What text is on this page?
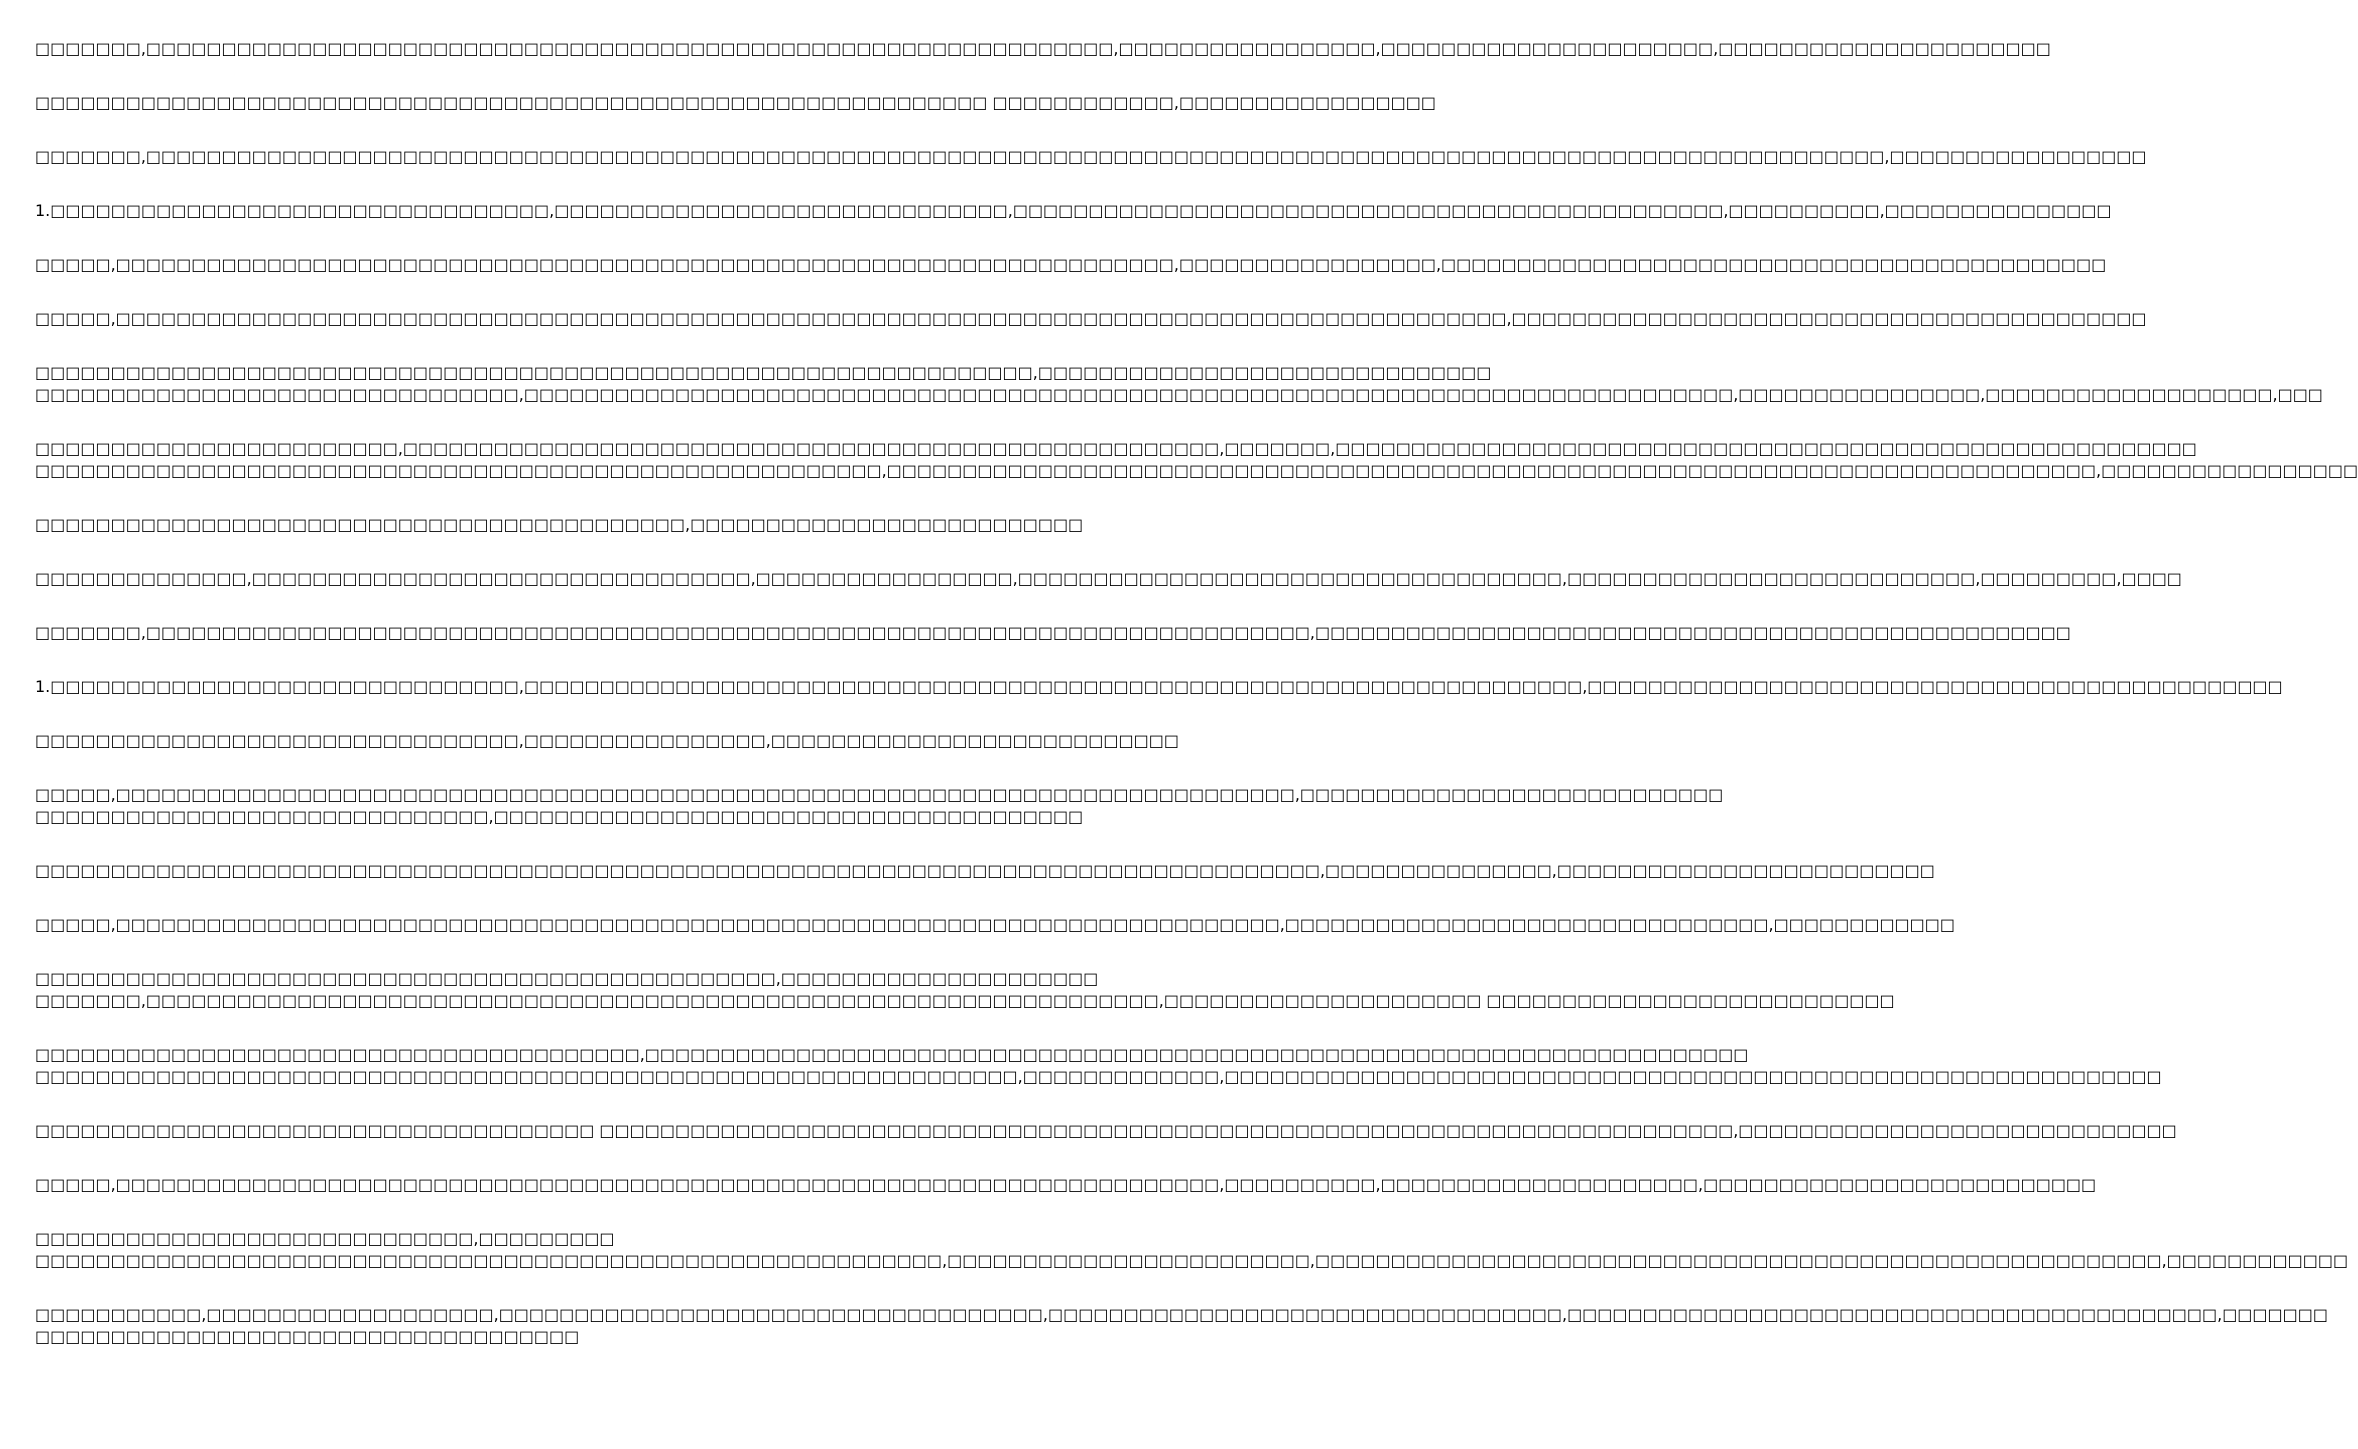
□□□□□□□,□□□□□□□□□□□□□□□□□□□□□□□□□□□□□□□□□□□□□□□□□□□□□□□□□□□□□□□□□□□□□□□□,□□□□□□□□□□□□□□□□□,□□□□□□□□□□□□□□□□□□□□□□,□□□□□□□□□□□□□□□□□□□□□□
□□□□□□□□□□□□□□□□□□□□□□□□□□□□□□□□□□□□□□□□□□□□□□□□□□□□□□□□□□□□□□□ □□□□□□□□□□□□,□□□□□□□□□□□□□□□□□
□□□□□□□,□□□□□□□□□□□□□□□□□□□□□□□□□□□□□□□□□□□□□□□□□□□□□□□□□□□□□□□□□□□□□□□□□□□□□□□□□□□□□□□□□□□□□□□□□□□□□□□□□□□□□□□□□□□□□□□□□□□,□□□□□□□□□□□□□□□□□
1.□□□□□□□□□□□□□□□□□□□□□□□□□□□□□□□□□,□□□□□□□□□□□□□□□□□□□□□□□□□□□□□□,□□□□□□□□□□□□□□□□□□□□□□□□□□□□□□□□□□□□□□□□□□□□□□□,□□□□□□□□□□,□□□□□□□□□□□□□□□
□□□□□,□□□□□□□□□□□□□□□□□□□□□□□□□□□□□□□□□□□□□□□□□□□□□□□□□□□□□□□□□□□□□□□□□□□□□□,□□□□□□□□□□□□□□□□□,□□□□□□□□□□□□□□□□□□□□□□□□□□□□□□□□□□□□□□□□□□□□
□□□□□,□□□□□□□□□□□□□□□□□□□□□□□□□□□□□□□□□□□□□□□□□□□□□□□□□□□□□□□□□□□□□□□□□□□□□□□□□□□□□□□□□□□□□□□□□□□□,□□□□□□□□□□□□□□□□□□□□□□□□□□□□□□□□□□□□□□□□□□
□□□□□□□□□□□□□□□□□□□□□□□□□□□□□□□□□□□□□□□□□□□□□□□□□□□□□□□□□□□□□□□□□□,□□□□□□□□□□□□□□□□□□□□□□□□□□□□□□
□□□□□□□□□□□□□□□□□□□□□□□□□□□□□□□□,□□□□□□□□□□□□□□□□□□□□□□□□□□□□□□□□□□□□□□□□□□□□□□□□□□□□□□□□□□□□□□□□□□□□□□□□□□□□□□□□,□□□□□□□□□□□□□□□□,□□□□□□□□□□□□□□□□□□□,□□□
□□□□□□□□□□□□□□□□□□□□□□□□,□□□□□□□□□□□□□□□□□□□□□□□□□□□□□□□□□□□□□□□□□□□□□□□□□□□□□□,□□□□□□□,□□□□□□□□□□□□□□□□□□□□□□□□□□□□□□□□□□□□□□□□□□□□□□□□□□□□□□□□□
□□□□□□□□□□□□□□□□□□□□□□□□□□□□□□□□□□□□□□□□□□□□□□□□□□□□□□□□,□□□□□□□□□□□□□□□□□□□□□□□□□□□□□□□□□□□□□□□□□□□□□□□□□□□□□□□□□□□□□□□□□□□□□□□□□□□□□□□□,□□□□□□□□□□□□□□□□□
□□□□□□□□□□□□□□□□□□□□□□□□□□□□□□□□□□□□□□□□□□□,□□□□□□□□□□□□□□□□□□□□□□□□□□
□□□□□□□□□□□□□□,□□□□□□□□□□□□□□□□□□□□□□□□□□□□□□□□□,□□□□□□□□□□□□□□□□□,□□□□□□□□□□□□□□□□□□□□□□□□□□□□□□□□□□□□,□□□□□□□□□□□□□□□□□□□□□□□□□□□,□□□□□□□□□,□□□□
□□□□□□□,□□□□□□□□□□□□□□□□□□□□□□□□□□□□□□□□□□□□□□□□□□□□□□□□□□□□□□□□□□□□□□□□□□□□□□□□□□□□□,□□□□□□□□□□□□□□□□□□□□□□□□□□□□□□□□□□□□□□□□□□□□□□□□□□
1.□□□□□□□□□□□□□□□□□□□□□□□□□□□□□□□,□□□□□□□□□□□□□□□□□□□□□□□□□□□□□□□□□□□□□□□□□□□□□□□□□□□□□□□□□□□□□□□□□□□□□□,□□□□□□□□□□□□□□□□□□□□□□□□□□□□□□□□□□□□□□□□□□□□□□
□□□□□□□□□□□□□□□□□□□□□□□□□□□□□□□□,□□□□□□□□□□□□□□□□,□□□□□□□□□□□□□□□□□□□□□□□□□□□
□□□□□,□□□□□□□□□□□□□□□□□□□□□□□□□□□□□□□□□□□□□□□□□□□□□□□□□□□□□□□□□□□□□□□□□□□□□□□□□□□□□□,□□□□□□□□□□□□□□□□□□□□□□□□□□□□
□□□□□□□□□□□□□□□□□□□□□□□□□□□□□□,□□□□□□□□□□□□□□□□□□□□□□□□□□□□□□□□□□□□□□□
□□□□□□□□□□□□□□□□□□□□□□□□□□□□□□□□□□□□□□□□□□□□□□□□□□□□□□□□□□□□□□□□□□□□□□□□□□□□□□□□□□□□□,□□□□□□□□□□□□□□□,□□□□□□□□□□□□□□□□□□□□□□□□□
□□□□□,□□□□□□□□□□□□□□□□□□□□□□□□□□□□□□□□□□□□□□□□□□□□□□□□□□□□□□□□□□□□□□□□□□□□□□□□□□□□□,□□□□□□□□□□□□□□□□□□□□□□□□□□□□□□□□,□□□□□□□□□□□□
□□□□□□□□□□□□□□□□□□□□□□□□□□□□□□□□□□□□□□□□□□□□□□□□□,□□□□□□□□□□□□□□□□□□□□□
□□□□□□□,□□□□□□□□□□□□□□□□□□□□□□□□□□□□□□□□□□□□□□□□□□□□□□□□□□□□□□□□□□□□□□□□□□□,□□□□□□□□□□□□□□□□□□□□□ □□□□□□□□□□□□□□□□□□□□□□□□□□□
□□□□□□□□□□□□□□□□□□□□□□□□□□□□□□□□□□□□□□□□,□□□□□□□□□□□□□□□□□□□□□□□□□□□□□□□□□□□□□□□□□□□□□□□□□□□□□□□□□□□□□□□□□□□□□□□□□
□□□□□□□□□□□□□□□□□□□□□□□□□□□□□□□□□□□□□□□□□□□□□□□□□□□□□□□□□□□□□□□□□,□□□□□□□□□□□□□,□□□□□□□□□□□□□□□□□□□□□□□□□□□□□□□□□□□□□□□□□□□□□□□□□□□□□□□□□□□□□□
□□□□□□□□□□□□□□□□□□□□□□□□□□□□□□□□□□□□□ □□□□□□□□□□□□□□□□□□□□□□□□□□□□□□□□□□□□□□□□□□□□□□□□□□□□□□□□□□□□□□□□□□□□□□□□□□□,□□□□□□□□□□□□□□□□□□□□□□□□□□□□□
□□□□□,□□□□□□□□□□□□□□□□□□□□□□□□□□□□□□□□□□□□□□□□□□□□□□□□□□□□□□□□□□□□□□□□□□□□□□□□□,□□□□□□□□□□,□□□□□□□□□□□□□□□□□□□□□,□□□□□□□□□□□□□□□□□□□□□□□□□□
□□□□□□□□□□□□□□□□□□□□□□□□□□□□□,□□□□□□□□□
□□□□□□□□□□□□□□□□□□□□□□□□□□□□□□□□□□□□□□□□□□□□□□□□□□□□□□□□□□□□,□□□□□□□□□□□□□□□□□□□□□□□□,□□□□□□□□□□□□□□□□□□□□□□□□□□□□□□□□□□□□□□□□□□□□□□□□□□□□□□□□,□□□□□□□□□□□□
□□□□□□□□□□□,□□□□□□□□□□□□□□□□□□□,□□□□□□□□□□□□□□□□□□□□□□□□□□□□□□□□□□□□,□□□□□□□□□□□□□□□□□□□□□□□□□□□□□□□□□□,□□□□□□□□□□□□□□□□□□□□□□□□□□□□□□□□□□□□□□□□□□□,□□□□□□□
□□□□□□□□□□□□□□□□□□□□□□□□□□□□□□□□□□□□
